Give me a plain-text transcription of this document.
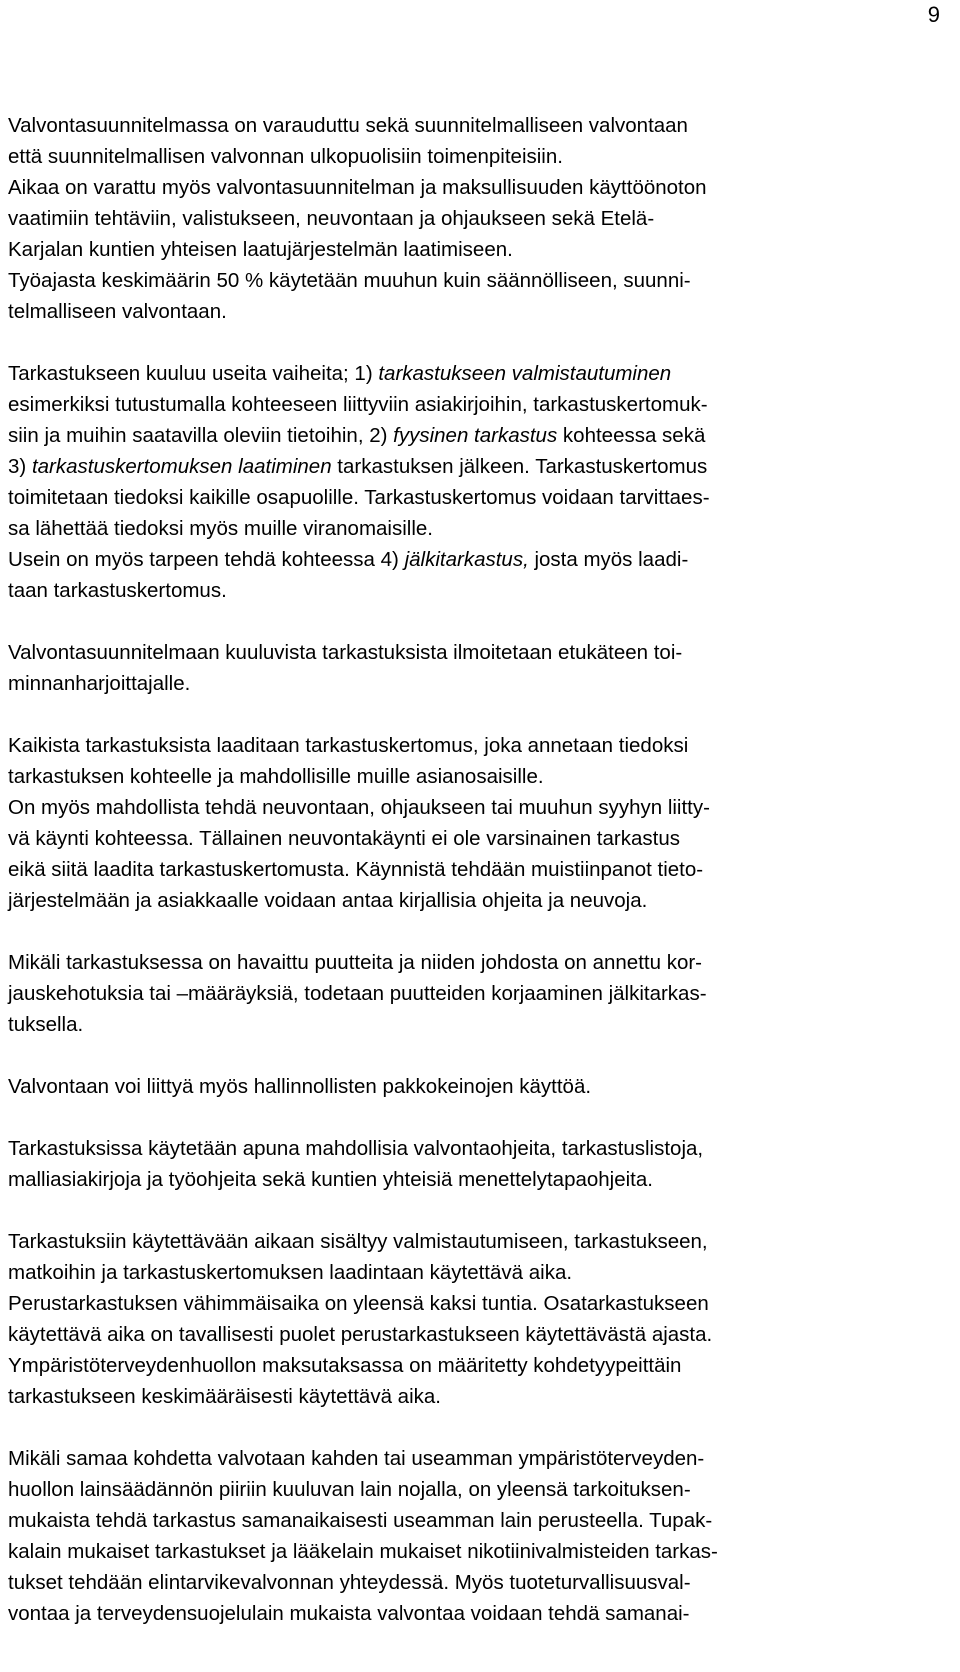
9
Valvontasuunnitelmassa on varauduttu sekä suunnitelmalliseen valvontaan
että suunnitelmallisen valvonnan ulkopuolisiin toimenpiteisiin.
Aikaa on varattu myös valvontasuunnitelman ja maksullisuuden käyttöönoton
vaatimiin tehtäviin, valistukseen, neuvontaan ja ohjaukseen sekä Etelä-
Karjalan kuntien yhteisen laatujärjestelmän laatimiseen.
Työajasta keskimäärin 50 % käytetään muuhun kuin säännölliseen, suunni-
telmalliseen valvontaan.
Tarkastukseen kuuluu useita vaiheita; 1) tarkastukseen valmistautuminen
esimerkiksi tutustumalla kohteeseen liittyviin asiakirjoihin, tarkastuskertomuk-
siin ja muihin saatavilla oleviin tietoihin, 2) fyysinen tarkastus kohteessa sekä
3) tarkastuskertomuksen laatiminen tarkastuksen jälkeen. Tarkastuskertomus
toimitetaan tiedoksi kaikille osapuolille. Tarkastuskertomus voidaan tarvittaes-
sa lähettää tiedoksi myös muille viranomaisille.
Usein on myös tarpeen tehdä kohteessa 4) jälkitarkastus, josta myös laadi-
taan tarkastuskertomus.
Valvontasuunnitelmaan kuuluvista tarkastuksista ilmoitetaan etukäteen toi-
minnanharjoittajalle.
Kaikista tarkastuksista laaditaan tarkastuskertomus, joka annetaan tiedoksi
tarkastuksen kohteelle ja mahdollisille muille asianosaisille.
On myös mahdollista tehdä neuvontaan, ohjaukseen tai muuhun syyhyn liitty-
vä käynti kohteessa. Tällainen neuvontakäynti ei ole varsinainen tarkastus
eikä siitä laadita tarkastuskertomusta. Käynnistä tehdään muistiinpanot tieto-
järjestelmään ja asiakkaalle voidaan antaa kirjallisia ohjeita ja neuvoja.
Mikäli tarkastuksessa on havaittu puutteita ja niiden johdosta on annettu kor-
jauskehotuksia tai –määräyksiä, todetaan puutteiden korjaaminen jälkitarkas-
tuksella.
Valvontaan voi liittyä myös hallinnollisten pakkokeinojen käyttöä.
Tarkastuksissa käytetään apuna mahdollisia valvontaohjeita, tarkastuslistoja,
malliasiakirjoja ja työohjeita sekä kuntien yhteisiä menettelytapaohjeita.
Tarkastuksiin käytettävään aikaan sisältyy valmistautumiseen, tarkastukseen,
matkoihin ja tarkastuskertomuksen laadintaan käytettävä aika.
Perustarkastuksen vähimmäisaika on yleensä kaksi tuntia. Osatarkastukseen
käytettävä aika on tavallisesti puolet perustarkastukseen käytettävästä ajasta.
Ympäristöterveydenhuollon maksutaksassa on määritetty kohdetyypeittäin
tarkastukseen keskimääräisesti käytettävä aika.
Mikäli samaa kohdetta valvotaan kahden tai useamman ympäristöterveyden-
huollon lainsäädännön piiriin kuuluvan lain nojalla, on yleensä tarkoituksen-
mukaista tehdä tarkastus samanaikaisesti useamman lain perusteella. Tupak-
kalain mukaiset tarkastukset ja lääkelain mukaiset nikotiinivalmisteiden tarkas-
tukset tehdään elintarvikevalvonnan yhteydessä. Myös tuoteturvallisuusval-
vontaa ja terveydensuojelulain mukaista valvontaa voidaan tehdä samanai-
